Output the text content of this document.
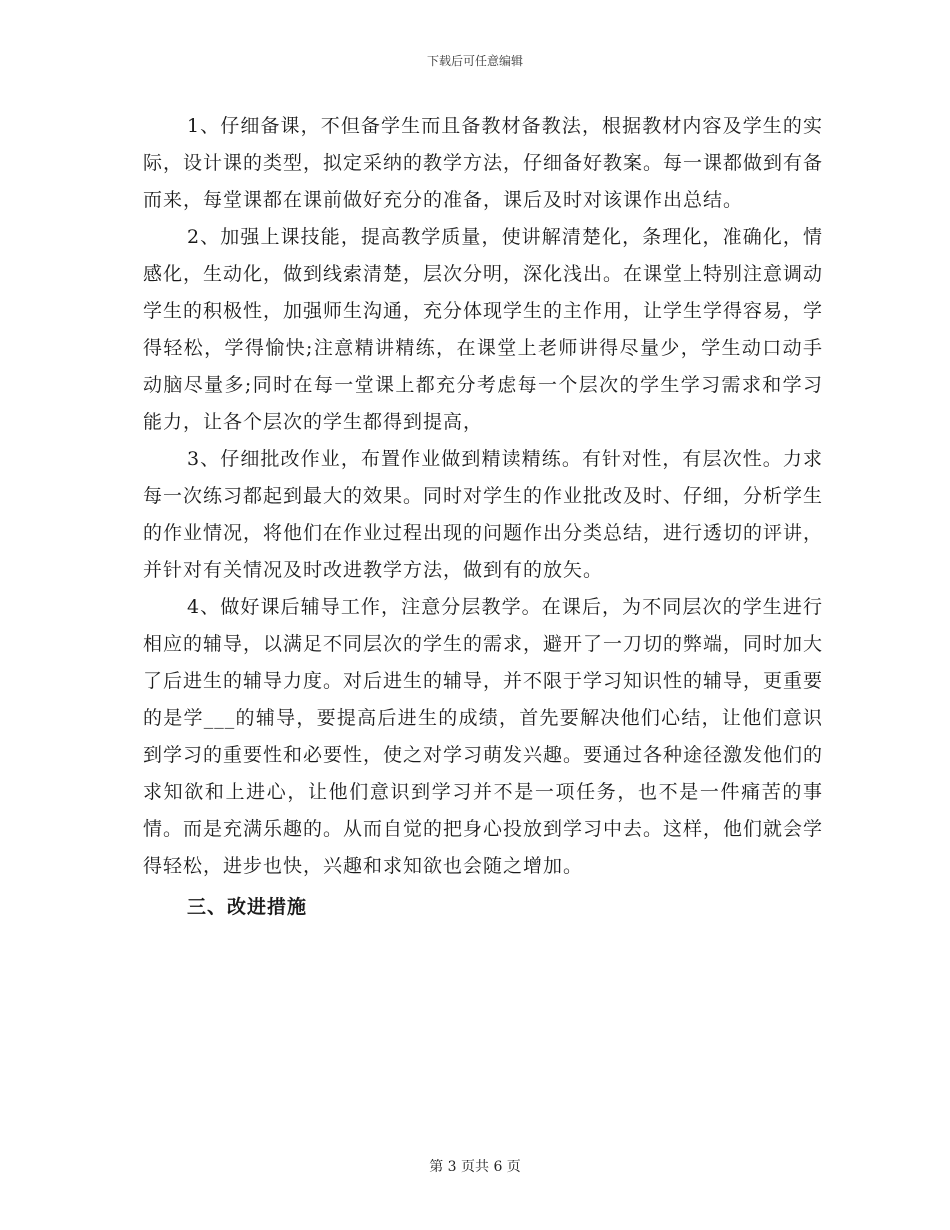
下载后可任意编辑

1、仔细备课，不但备学生而且备教材备教法，根据教材内容及学生的实际，设计课的类型，拟定采纳的教学方法，仔细备好教案。每一课都做到有备而来，每堂课都在课前做好充分的准备，课后及时对该课作出总结。

2、加强上课技能，提高教学质量，使讲解清楚化，条理化，准确化，情感化，生动化，做到线索清楚，层次分明，深化浅出。在课堂上特别注意调动学生的积极性，加强师生沟通，充分体现学生的主作用，让学生学得容易，学得轻松，学得愉快;注意精讲精练，在课堂上老师讲得尽量少，学生动口动手动脑尽量多;同时在每一堂课上都充分考虑每一个层次的学生学习需求和学习能力，让各个层次的学生都得到提高，

3、仔细批改作业，布置作业做到精读精练。有针对性，有层次性。力求每一次练习都起到最大的效果。同时对学生的作业批改及时、仔细，分析学生的作业情况，将他们在作业过程出现的问题作出分类总结，进行透切的评讲，并针对有关情况及时改进教学方法，做到有的放矢。

4、做好课后辅导工作，注意分层教学。在课后，为不同层次的学生进行相应的辅导，以满足不同层次的学生的需求，避开了一刀切的弊端，同时加大了后进生的辅导力度。对后进生的辅导，并不限于学习知识性的辅导，更重要的是学___的辅导，要提高后进生的成绩，首先要解决他们心结，让他们意识到学习的重要性和必要性，使之对学习萌发兴趣。要通过各种途径激发他们的求知欲和上进心，让他们意识到学习并不是一项任务，也不是一件痛苦的事情。而是充满乐趣的。从而自觉的把身心投放到学习中去。这样，他们就会学得轻松，进步也快，兴趣和求知欲也会随之增加。

三、改进措施

第 3 页共 6 页
